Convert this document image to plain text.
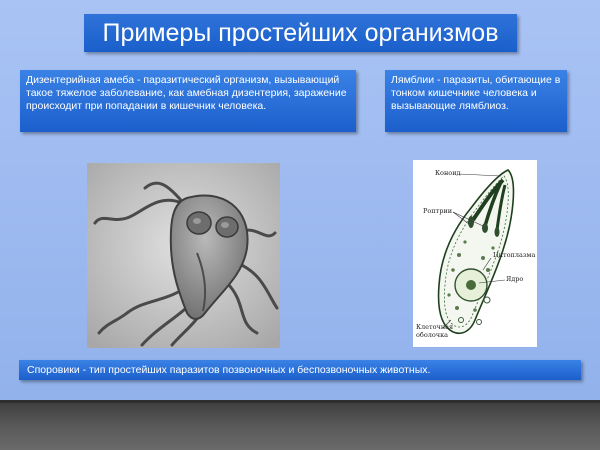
Примеры простейших организмов
Дизентерийная амеба - паразитический организм, вызывающий такое тяжелое заболевание, как амебная дизентерия, заражение происходит при попадании в кишечник человека.
Лямблии - паразиты, обитающие в тонком кишечнике человека и вызывающие лямблиоз.
Коноид
Роптрии
Цитоплазма
Ядро
Клеточная
оболочка
Споровики - тип простейших паразитов позвоночных и беспозвоночных животных.
